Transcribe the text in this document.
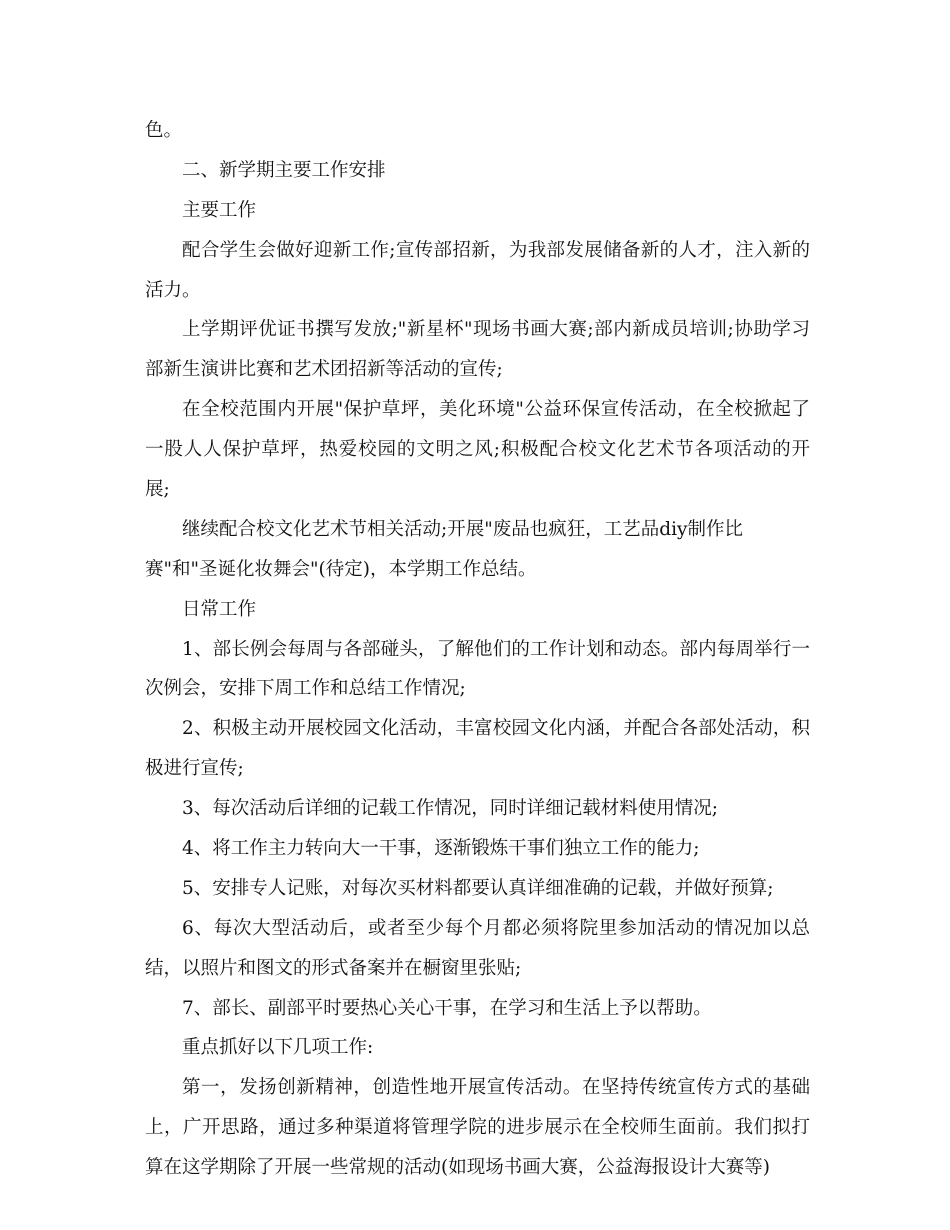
色。
二、新学期主要工作安排
主要工作
配合学生会做好迎新工作;宣传部招新，为我部发展储备新的人才，注入新的
活力。
上学期评优证书撰写发放;"新星杯"现场书画大赛;部内新成员培训;协助学习
部新生演讲比赛和艺术团招新等活动的宣传;
在全校范围内开展"保护草坪，美化环境"公益环保宣传活动，在全校掀起了
一股人人保护草坪，热爱校园的文明之风;积极配合校文化艺术节各项活动的开
展;
继续配合校文化艺术节相关活动;开展"废品也疯狂，工艺品diy制作比
赛"和"圣诞化妆舞会"(待定)，本学期工作总结。
日常工作
1、部长例会每周与各部碰头，了解他们的工作计划和动态。部内每周举行一
次例会，安排下周工作和总结工作情况;
2、积极主动开展校园文化活动，丰富校园文化内涵，并配合各部处活动，积
极进行宣传;
3、每次活动后详细的记载工作情况，同时详细记载材料使用情况;
4、将工作主力转向大一干事，逐渐锻炼干事们独立工作的能力;
5、安排专人记账，对每次买材料都要认真详细准确的记载，并做好预算;
6、每次大型活动后，或者至少每个月都必须将院里参加活动的情况加以总
结，以照片和图文的形式备案并在橱窗里张贴;
7、部长、副部平时要热心关心干事，在学习和生活上予以帮助。
重点抓好以下几项工作:
第一，发扬创新精神，创造性地开展宣传活动。在坚持传统宣传方式的基础
上，广开思路，通过多种渠道将管理学院的进步展示在全校师生面前。我们拟打
算在这学期除了开展一些常规的活动(如现场书画大赛，公益海报设计大赛等)
